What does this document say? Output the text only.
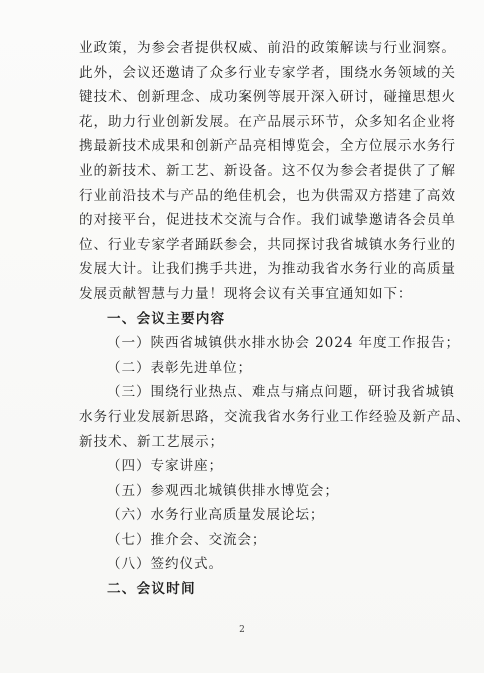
业政策，为参会者提供权威、前沿的政策解读与行业洞察。
此外，会议还邀请了众多行业专家学者，围绕水务领域的关
键技术、创新理念、成功案例等展开深入研讨，碰撞思想火
花，助力行业创新发展。在产品展示环节，众多知名企业将
携最新技术成果和创新产品亮相博览会，全方位展示水务行
业的新技术、新工艺、新设备。这不仅为参会者提供了了解
行业前沿技术与产品的绝佳机会，也为供需双方搭建了高效
的对接平台，促进技术交流与合作。我们诚挚邀请各会员单
位、行业专家学者踊跃参会，共同探讨我省城镇水务行业的
发展大计。让我们携手共进，为推动我省水务行业的高质量
发展贡献智慧与力量！现将会议有关事宜通知如下：
一、会议主要内容
（一）陕西省城镇供水排水协会 2024 年度工作报告；
（二）表彰先进单位；
（三）围绕行业热点、难点与痛点问题，研讨我省城镇
水务行业发展新思路，交流我省水务行业工作经验及新产品、
新技术、新工艺展示；
（四）专家讲座；
（五）参观西北城镇供排水博览会；
（六）水务行业高质量发展论坛；
（七）推介会、交流会；
（八）签约仪式。
二、会议时间
2
